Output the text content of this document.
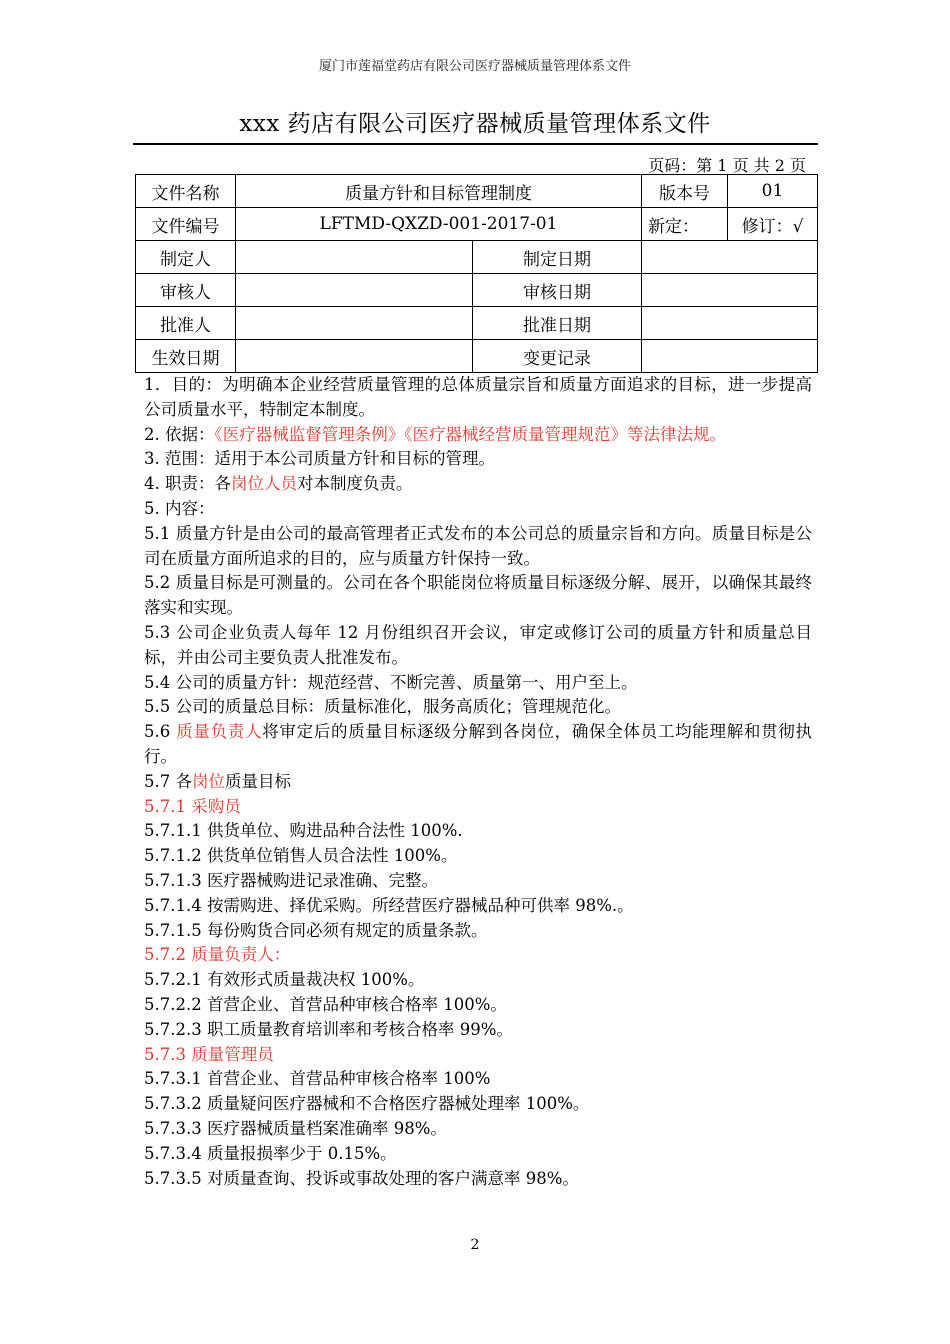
厦门市莲福堂药店有限公司医疗器械质量管理体系文件
xxx 药店有限公司医疗器械质量管理体系文件
页码：第 1 页 共 2 页
文件名称	质量方针和目标管理制度		版本号	01
文件编号	LFTMD-QXZD-001-2017-01		新定：	修订：√
制定人		制定日期		
审核人		审核日期		
批准人		批准日期		
生效日期		变更记录		

1．目的：为明确本企业经营质量管理的总体质量宗旨和质量方面追求的目标，进一步提高公司质量水平，特制定本制度。

2. 依据：《医疗器械监督管理条例》《医疗器械经营质量管理规范》等法律法规。

3. 范围：适用于本公司质量方针和目标的管理。

4. 职责：各岗位人员对本制度负责。

5. 内容：

5.1 质量方针是由公司的最高管理者正式发布的本公司总的质量宗旨和方向。质量目标是公司在质量方面所追求的目的，应与质量方针保持一致。

5.2 质量目标是可测量的。公司在各个职能岗位将质量目标逐级分解、展开，以确保其最终落实和实现。

5.3 公司企业负责人每年 12 月份组织召开会议，审定或修订公司的质量方针和质量总目标，并由公司主要负责人批准发布。

5.4 公司的质量方针：规范经营、不断完善、质量第一、用户至上。

5.5 公司的质量总目标：质量标准化，服务高质化；管理规范化。

5.6 质量负责人将审定后的质量目标逐级分解到各岗位，确保全体员工均能理解和贯彻执行。

5.7 各岗位质量目标

5.7.1 采购员

5.7.1.1 供货单位、购进品种合法性 100%.

5.7.1.2 供货单位销售人员合法性 100%。

5.7.1.3 医疗器械购进记录准确、完整。

5.7.1.4 按需购进、择优采购。所经营医疗器械品种可供率 98%.。

5.7.1.5 每份购货合同必须有规定的质量条款。

5.7.2 质量负责人：

5.7.2.1 有效形式质量裁决权 100%。

5.7.2.2 首营企业、首营品种审核合格率 100%。

5.7.2.3 职工质量教育培训率和考核合格率 99%。

5.7.3 质量管理员

5.7.3.1 首营企业、首营品种审核合格率 100%

5.7.3.2 质量疑问医疗器械和不合格医疗器械处理率 100%。

5.7.3.3 医疗器械质量档案准确率 98%。

5.7.3.4 质量报损率少于 0.15%。

5.7.3.5 对质量查询、投诉或事故处理的客户满意率 98%。

2
